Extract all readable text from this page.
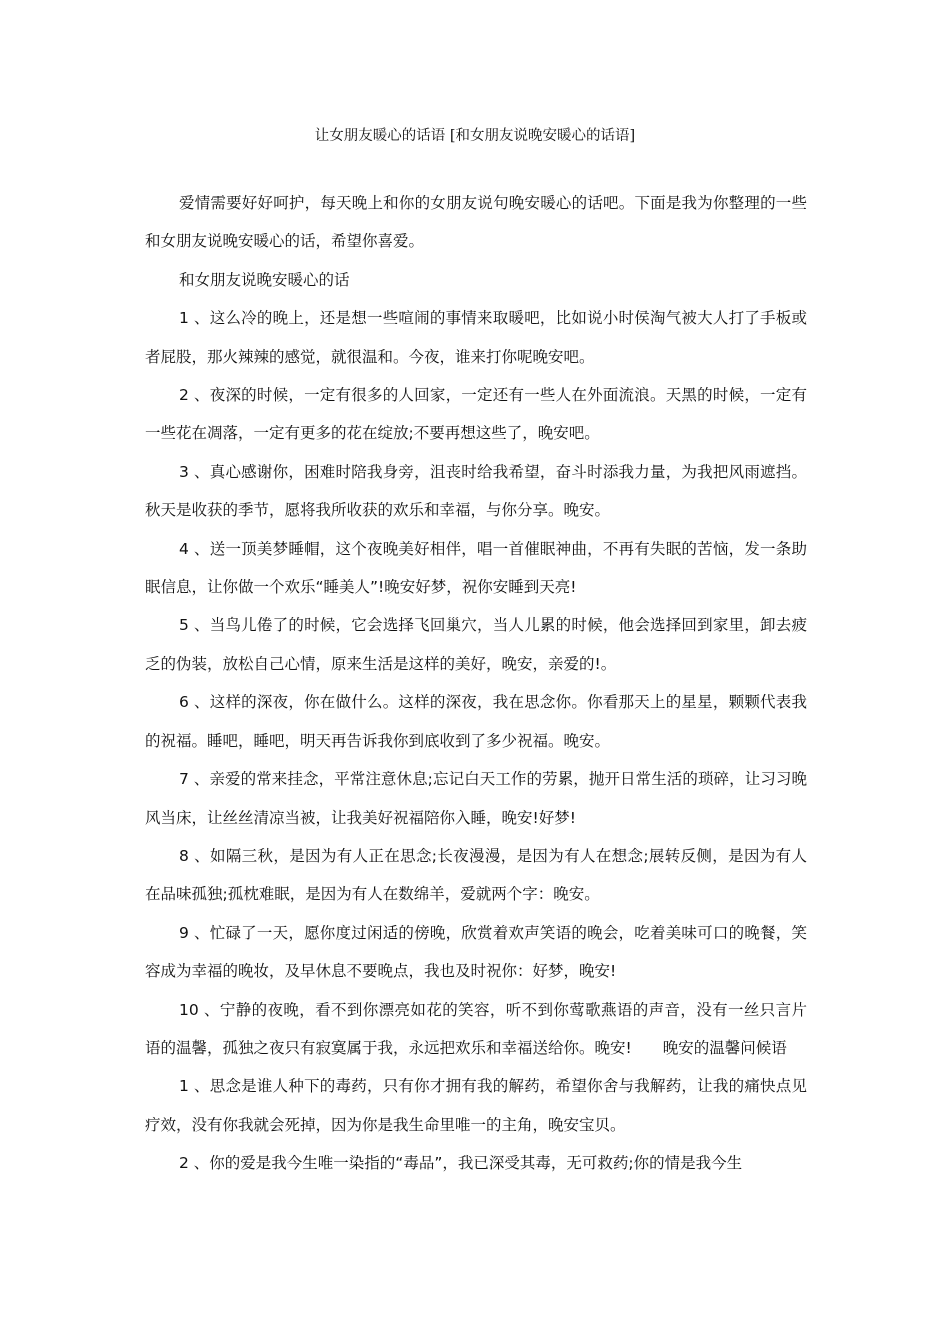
让女朋友暖心的话语 [和女朋友说晚安暖心的话语]

爱情需要好好呵护，每天晚上和你的女朋友说句晚安暖心的话吧。下面是我为你整理的一些和女朋友说晚安暖心的话，希望你喜爱。

和女朋友说晚安暖心的话

1 、这么冷的晚上，还是想一些喧闹的事情来取暖吧，比如说小时侯淘气被大人打了手板或者屁股，那火辣辣的感觉，就很温和。今夜，谁来打你呢晚安吧。

2 、夜深的时候，一定有很多的人回家，一定还有一些人在外面流浪。天黑的时候，一定有一些花在凋落，一定有更多的花在绽放;不要再想这些了，晚安吧。

3 、真心感谢你，困难时陪我身旁，沮丧时给我希望，奋斗时添我力量，为我把风雨遮挡。秋天是收获的季节，愿将我所收获的欢乐和幸福，与你分享。晚安。

4 、送一顶美梦睡帽，这个夜晚美好相伴，唱一首催眠神曲，不再有失眠的苦恼，发一条助眠信息，让你做一个欢乐“睡美人”!晚安好梦，祝你安睡到天亮!

5 、当鸟儿倦了的时候，它会选择飞回巢穴，当人儿累的时候，他会选择回到家里，卸去疲乏的伪装，放松自己心情，原来生活是这样的美好，晚安，亲爱的!。

6 、这样的深夜，你在做什么。这样的深夜，我在思念你。你看那天上的星星，颗颗代表我的祝福。睡吧，睡吧，明天再告诉我你到底收到了多少祝福。晚安。

7 、亲爱的常来挂念，平常注意休息;忘记白天工作的劳累，抛开日常生活的琐碎，让习习晚风当床，让丝丝清凉当被，让我美好祝福陪你入睡，晚安!好梦!

8 、如隔三秋，是因为有人正在思念;长夜漫漫，是因为有人在想念;展转反侧，是因为有人在品味孤独;孤枕难眠，是因为有人在数绵羊，爱就两个字：晚安。

9 、忙碌了一天，愿你度过闲适的傍晚，欣赏着欢声笑语的晚会，吃着美味可口的晚餐，笑容成为幸福的晚妆，及早休息不要晚点，我也及时祝你：好梦，晚安!

10 、宁静的夜晚，看不到你漂亮如花的笑容，听不到你莺歌燕语的声音，没有一丝只言片语的温馨，孤独之夜只有寂寞属于我，永远把欢乐和幸福送给你。晚安!　　晚安的温馨问候语

1 、思念是谁人种下的毒药，只有你才拥有我的解药，希望你舍与我解药，让我的痛快点见疗效，没有你我就会死掉，因为你是我生命里唯一的主角，晚安宝贝。

2 、你的爱是我今生唯一染指的“毒品”，我已深受其毒，无可救药;你的情是我今生
